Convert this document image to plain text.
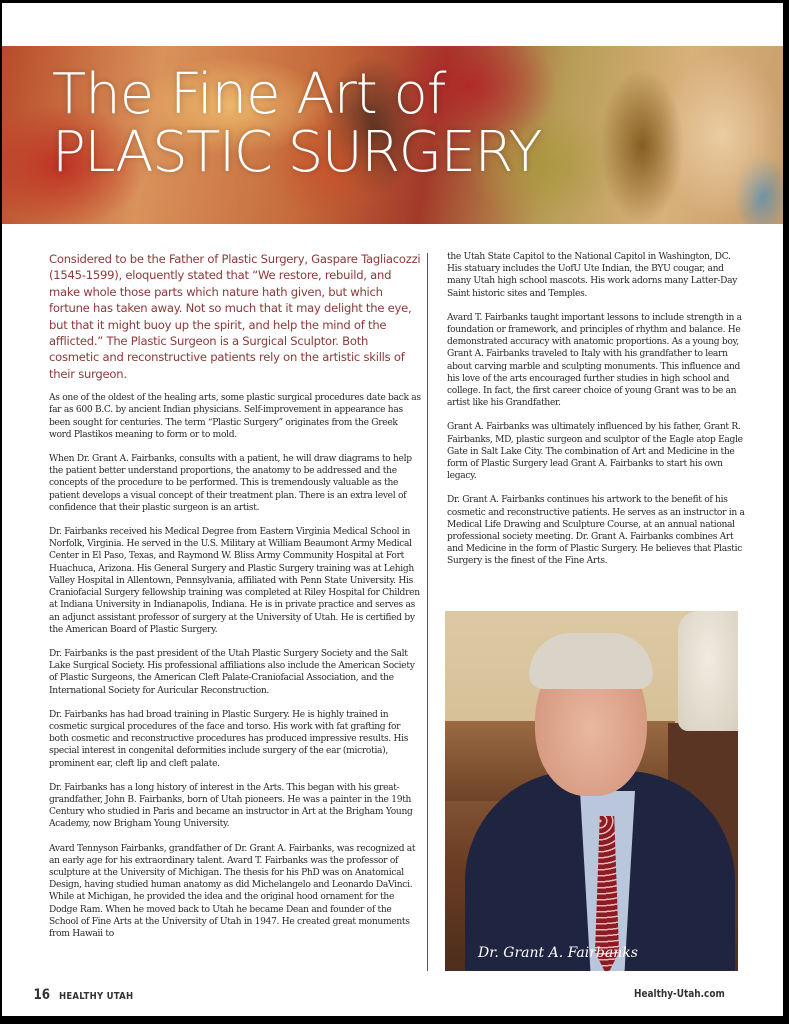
The Fine Art of
PLASTIC SURGERY

Considered to be the Father of Plastic Surgery, Gaspare Tagliacozzi (1545-1599), eloquently stated that “We restore, rebuild, and make whole those parts which nature hath given, but which fortune has taken away. Not so much that it may delight the eye, but that it might buoy up the spirit, and help the mind of the afflicted.” The Plastic Surgeon is a Surgical Sculptor. Both cosmetic and reconstructive patients rely on the artistic skills of their surgeon.

As one of the oldest of the healing arts, some plastic surgical procedures date back as far as 600 B.C. by ancient Indian physicians. Self-improvement in appearance has been sought for centuries. The term “Plastic Surgery” originates from the Greek word Plastikos meaning to form or to mold.

When Dr. Grant A. Fairbanks, consults with a patient, he will draw diagrams to help the patient better understand proportions, the anatomy to be addressed and the concepts of the procedure to be performed. This is tremendously valuable as the patient develops a visual concept of their treatment plan. There is an extra level of confidence that their plastic surgeon is an artist.

Dr. Fairbanks received his Medical Degree from Eastern Virginia Medical School in Norfolk, Virginia. He served in the U.S. Military at William Beaumont Army Medical Center in El Paso, Texas, and Raymond W. Bliss Army Community Hospital at Fort Huachuca, Arizona. His General Surgery and Plastic Surgery training was at Lehigh Valley Hospital in Allentown, Pennsylvania, affiliated with Penn State University. His Craniofacial Surgery fellowship training was completed at Riley Hospital for Children at Indiana University in Indianapolis, Indiana. He is in private practice and serves as an adjunct assistant professor of surgery at the University of Utah. He is certified by the American Board of Plastic Surgery.

Dr. Fairbanks is the past president of the Utah Plastic Surgery Society and the Salt Lake Surgical Society. His professional affiliations also include the American Society of Plastic Surgeons, the American Cleft Palate-Craniofacial Association, and the International Society for Auricular Reconstruction.

Dr. Fairbanks has had broad training in Plastic Surgery. He is highly trained in cosmetic surgical procedures of the face and torso. His work with fat grafting for both cosmetic and reconstructive procedures has produced impressive results. His special interest in congenital deformities include surgery of the ear (microtia), prominent ear, cleft lip and cleft palate.

Dr. Fairbanks has a long history of interest in the Arts. This began with his great-grandfather, John B. Fairbanks, born of Utah pioneers. He was a painter in the 19th Century who studied in Paris and became an instructor in Art at the Brigham Young Academy, now Brigham Young University.

Avard Tennyson Fairbanks, grandfather of Dr. Grant A. Fairbanks, was recognized at an early age for his extraordinary talent. Avard T. Fairbanks was the professor of sculpture at the University of Michigan. The thesis for his PhD was on Anatomical Design, having studied human anatomy as did Michelangelo and Leonardo DaVinci. While at Michigan, he provided the idea and the original hood ornament for the Dodge Ram. When he moved back to Utah he became Dean and founder of the School of Fine Arts at the University of Utah in 1947. He created great monuments from Hawaii to

the Utah State Capitol to the National Capitol in Washington, DC. His statuary includes the UofU Ute Indian, the BYU cougar, and many Utah high school mascots. His work adorns many Latter-Day Saint historic sites and Temples.

Avard T. Fairbanks taught important lessons to include strength in a foundation or framework, and principles of rhythm and balance. He demonstrated accuracy with anatomic proportions. As a young boy, Grant A. Fairbanks traveled to Italy with his grandfather to learn about carving marble and sculpting monuments. This influence and his love of the arts encouraged further studies in high school and college. In fact, the first career choice of young Grant was to be an artist like his Grandfather.

Grant A. Fairbanks was ultimately influenced by his father, Grant R. Fairbanks, MD, plastic surgeon and sculptor of the Eagle atop Eagle Gate in Salt Lake City. The combination of Art and Medicine in the form of Plastic Surgery lead Grant A. Fairbanks to start his own legacy.

Dr. Grant A. Fairbanks continues his artwork to the benefit of his cosmetic and reconstructive patients. He serves as an instructor in a Medical Life Drawing and Sculpture Course, at an annual national professional society meeting. Dr. Grant A. Fairbanks combines Art and Medicine in the form of Plastic Surgery. He believes that Plastic Surgery is the finest of the Fine Arts.

Dr. Grant A. Fairbanks
16 HEALTHY UTAH	Healthy-Utah.com
